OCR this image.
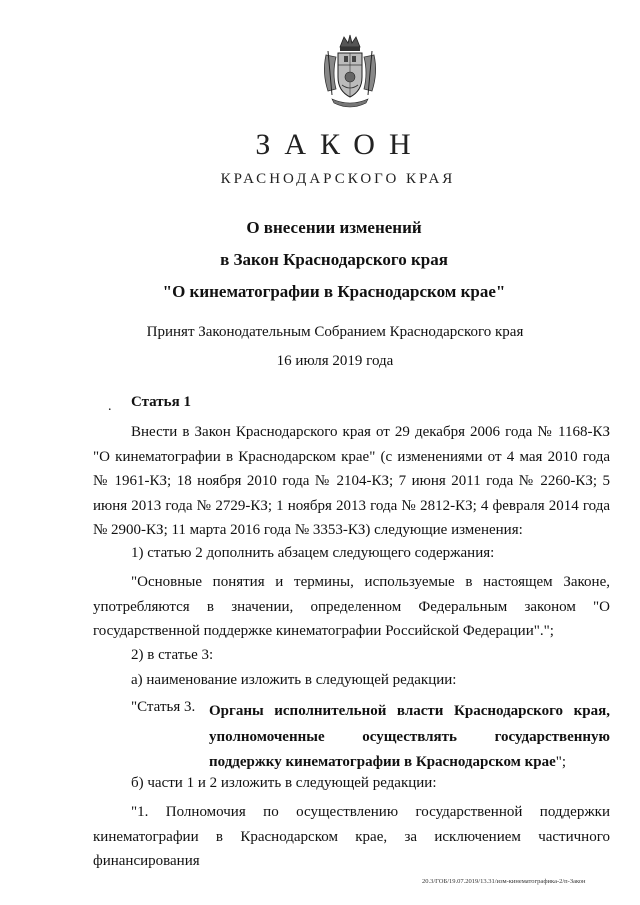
ЗАКОН
КРАСНОДАРСКОГО КРАЯ
О внесении изменений
в Закон Краснодарского края
"О кинематографии в Краснодарском крае"
Принят Законодательным Собранием Краснодарского края
16 июля 2019 года
. Статья 1
Внести в Закон Краснодарского края от 29 декабря 2006 года № 1168-КЗ "О кинематографии в Краснодарском крае" (с изменениями от 4 мая 2010 года № 1961-КЗ; 18 ноября 2010 года № 2104-КЗ; 7 июня 2011 года № 2260-КЗ; 5 июня 2013 года № 2729-КЗ; 1 ноября 2013 года № 2812-КЗ; 4 февраля 2014 года № 2900-КЗ; 11 марта 2016 года № 3353-КЗ) следующие изменения:
1) статью 2 дополнить абзацем следующего содержания:
"Основные понятия и термины, используемые в настоящем Законе, употребляются в значении, определенном Федеральным законом "О государственной поддержке кинематографии Российской Федерации".";
2) в статье 3:
а) наименование изложить в следующей редакции:
"Статья 3. Органы исполнительной власти Краснодарского края, уполномоченные осуществлять государственную поддержку кинематографии в Краснодарском крае";
б) части 1 и 2 изложить в следующей редакции:
"1. Полномочия по осуществлению государственной поддержки кинематографии в Краснодарском крае, за исключением частичного финансирования
20.3/ГОБ/19.07.2019/13.31/изм-кинематографика-2/п-Закон
